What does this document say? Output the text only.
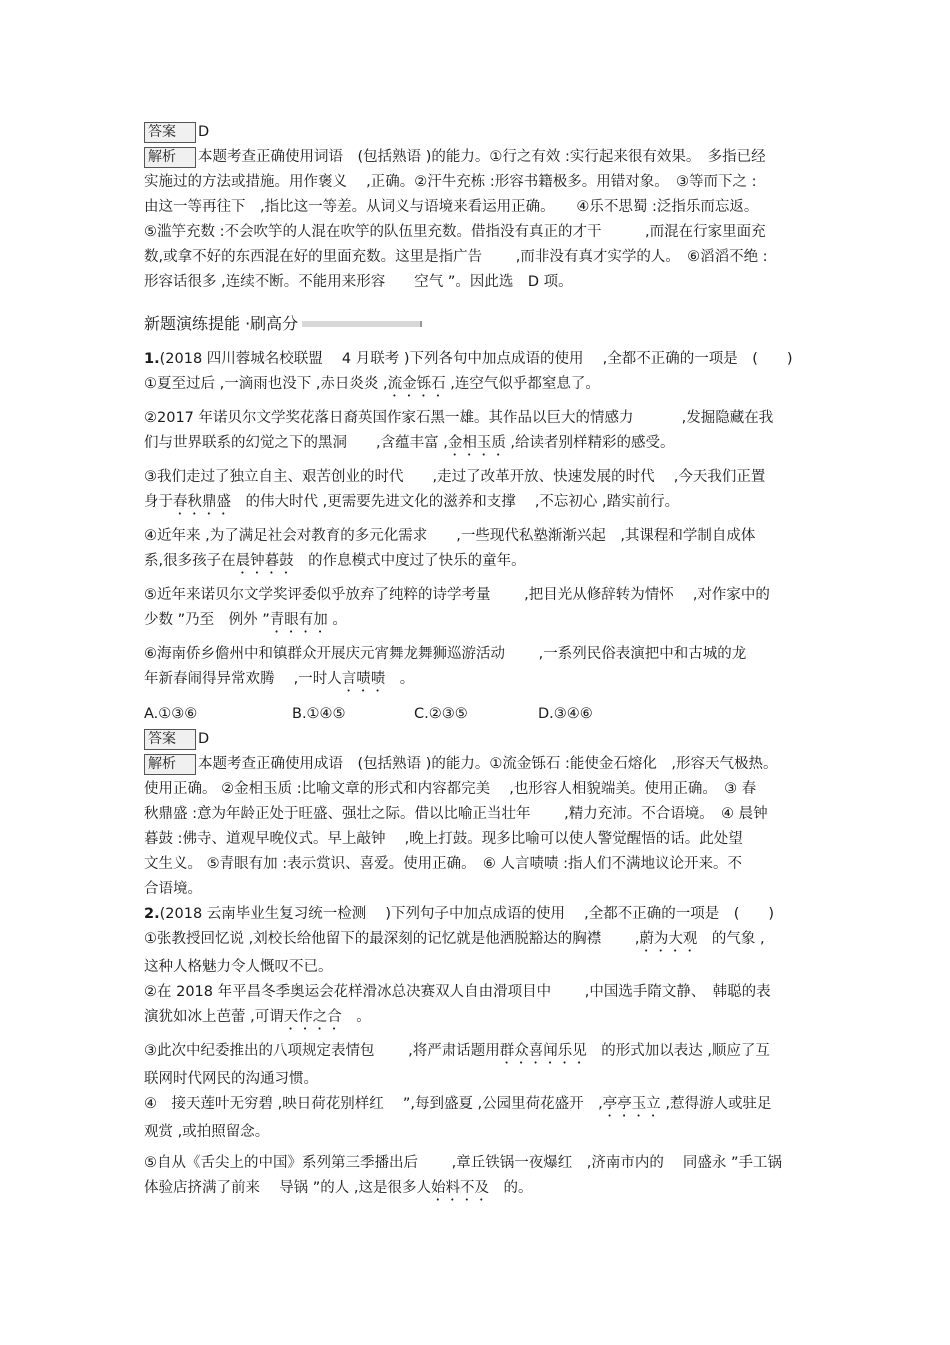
答案 D
解析 本题考查正确使用词语　(包括熟语 )的能力。①行之有效 :实行起来很有效果。　多指已经
实施过的方法或措施。用作褒义　 ,正确。②汗牛充栋 :形容书籍极多。用错对象。　③等而下之 :
由这一等再往下　,指比这一等差。从词义与语境来看运用正确。　　④乐不思蜀 :泛指乐而忘返。
⑤滥竽充数 :不会吹竽的人混在吹竽的队伍里充数。借指没有真正的才干　　　,而混在行家里面充
数,或拿不好的东西混在好的里面充数。这里是指广告　　 ,而非没有真才实学的人。　⑥滔滔不绝 :
形容话很多 ,连续不断。不能用来形容　　空气 ”。因此选　D 项。
新题演练提能 ·刷高分
1.(2018 四川蓉城名校联盟　 4 月联考 )下列各句中加点成语的使用　 ,全都不正确的一项是　(　　)
①夏至过后 ,一滴雨也没下 ,赤日炎炎 ,流金铄石 ,连空气似乎都窒息了。
②2017 年诺贝尔文学奖花落日裔英国作家石黑一雄。其作品以巨大的情感力　　　 ,发掘隐藏在我
们与世界联系的幻觉之下的黑洞　　,含蕴丰富 ,金相玉质 ,给读者别样精彩的感受。
③我们走过了独立自主、艰苦创业的时代　　,走过了改革开放、快速发展的时代　 ,今天我们正置
身于春秋鼎盛　的伟大时代 ,更需要先进文化的滋养和支撑　 ,不忘初心 ,踏实前行。
④近年来 ,为了满足社会对教育的多元化需求　　,一些现代私塾渐渐兴起　,其课程和学制自成体
系,很多孩子在晨钟暮鼓　的作息模式中度过了快乐的童年。
⑤近年来诺贝尔文学奖评委似乎放弃了纯粹的诗学考量　　 ,把目光从修辞转为情怀　 ,对作家中的
少数 ”乃至　例外 ”青眼有加 。
⑥海南侨乡儋州中和镇群众开展庆元宵舞龙舞狮巡游活动　　 ,一系列民俗表演把中和古城的龙
年新春闹得异常欢腾　 ,一时人言啧啧　。
A.①③⑥	B.①④⑤	C.②③⑤	D.③④⑥
答案 D
解析 本题考查正确使用成语　(包括熟语 )的能力。①流金铄石 :能使金石熔化　,形容天气极热。
使用正确。 ②金相玉质 :比喻文章的形式和内容都完美　 ,也形容人相貌端美。使用正确。　③ 春
秋鼎盛 :意为年龄正处于旺盛、强壮之际。借以比喻正当壮年　　 ,精力充沛。不合语境。　④ 晨钟
暮鼓 :佛寺、道观早晚仪式。早上敲钟　 ,晚上打鼓。现多比喻可以使人警觉醒悟的话。此处望
文生义。 ⑤青眼有加 :表示赏识、喜爱。使用正确。　⑥ 人言啧啧 :指人们不满地议论开来。不
合语境。
2.(2018 云南毕业生复习统一检测　 )下列句子中加点成语的使用　 ,全都不正确的一项是　(　　)
①张教授回忆说 ,刘校长给他留下的最深刻的记忆就是他洒脱豁达的胸襟　　 ,蔚为大观　的气象 ,
这种人格魅力令人慨叹不已。
②在 2018 年平昌冬季奥运会花样滑冰总决赛双人自由滑项目中　　 ,中国选手隋文静、　韩聪的表
演犹如冰上芭蕾 ,可谓天作之合　。
③此次中纪委推出的八项规定表情包　　 ,将严肃话题用群众喜闻乐见　的形式加以表达 ,顺应了互
联网时代网民的沟通习惯。
④　接天莲叶无穷碧 ,映日荷花别样红　 ”,每到盛夏 ,公园里荷花盛开　,亭亭玉立 ,惹得游人或驻足
观赏 ,或拍照留念。
⑤自从《舌尖上的中国》系列第三季播出后　　 ,章丘铁锅一夜爆红　,济南市内的　 同盛永 ”手工锅
体验店挤满了前来　 导锅 ”的人 ,这是很多人始料不及　的。
